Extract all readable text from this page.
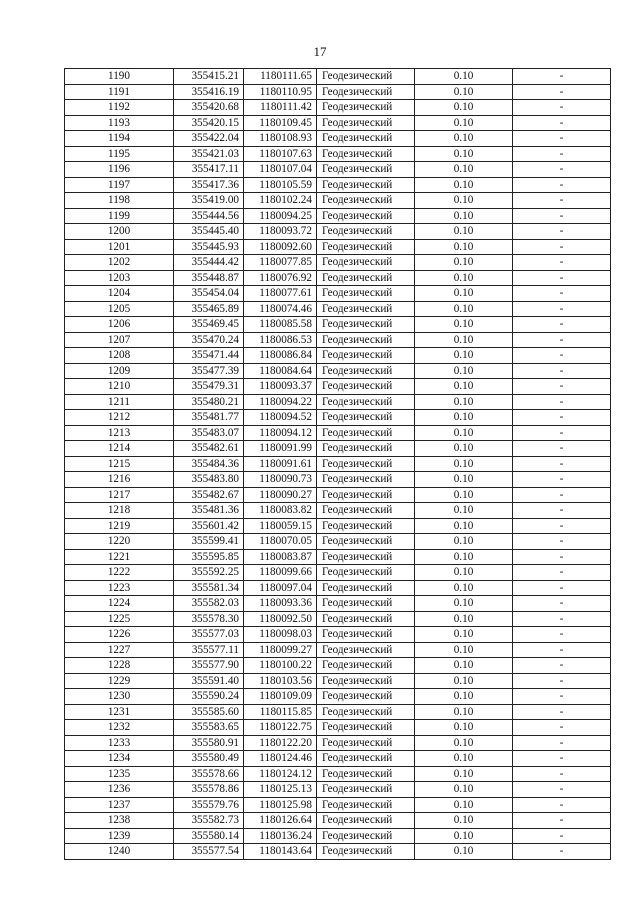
17
1190	355415.21	1180111.65	Геодезический	0.10	-
1191	355416.19	1180110.95	Геодезический	0.10	-
1192	355420.68	1180111.42	Геодезический	0.10	-
1193	355420.15	1180109.45	Геодезический	0.10	-
1194	355422.04	1180108.93	Геодезический	0.10	-
1195	355421.03	1180107.63	Геодезический	0.10	-
1196	355417.11	1180107.04	Геодезический	0.10	-
1197	355417.36	1180105.59	Геодезический	0.10	-
1198	355419.00	1180102.24	Геодезический	0.10	-
1199	355444.56	1180094.25	Геодезический	0.10	-
1200	355445.40	1180093.72	Геодезический	0.10	-
1201	355445.93	1180092.60	Геодезический	0.10	-
1202	355444.42	1180077.85	Геодезический	0.10	-
1203	355448.87	1180076.92	Геодезический	0.10	-
1204	355454.04	1180077.61	Геодезический	0.10	-
1205	355465.89	1180074.46	Геодезический	0.10	-
1206	355469.45	1180085.58	Геодезический	0.10	-
1207	355470.24	1180086.53	Геодезический	0.10	-
1208	355471.44	1180086.84	Геодезический	0.10	-
1209	355477.39	1180084.64	Геодезический	0.10	-
1210	355479.31	1180093.37	Геодезический	0.10	-
1211	355480.21	1180094.22	Геодезический	0.10	-
1212	355481.77	1180094.52	Геодезический	0.10	-
1213	355483.07	1180094.12	Геодезический	0.10	-
1214	355482.61	1180091.99	Геодезический	0.10	-
1215	355484.36	1180091.61	Геодезический	0.10	-
1216	355483.80	1180090.73	Геодезический	0.10	-
1217	355482.67	1180090.27	Геодезический	0.10	-
1218	355481.36	1180083.82	Геодезический	0.10	-
1219	355601.42	1180059.15	Геодезический	0.10	-
1220	355599.41	1180070.05	Геодезический	0.10	-
1221	355595.85	1180083.87	Геодезический	0.10	-
1222	355592.25	1180099.66	Геодезический	0.10	-
1223	355581.34	1180097.04	Геодезический	0.10	-
1224	355582.03	1180093.36	Геодезический	0.10	-
1225	355578.30	1180092.50	Геодезический	0.10	-
1226	355577.03	1180098.03	Геодезический	0.10	-
1227	355577.11	1180099.27	Геодезический	0.10	-
1228	355577.90	1180100.22	Геодезический	0.10	-
1229	355591.40	1180103.56	Геодезический	0.10	-
1230	355590.24	1180109.09	Геодезический	0.10	-
1231	355585.60	1180115.85	Геодезический	0.10	-
1232	355583.65	1180122.75	Геодезический	0.10	-
1233	355580.91	1180122.20	Геодезический	0.10	-
1234	355580.49	1180124.46	Геодезический	0.10	-
1235	355578.66	1180124.12	Геодезический	0.10	-
1236	355578.86	1180125.13	Геодезический	0.10	-
1237	355579.76	1180125.98	Геодезический	0.10	-
1238	355582.73	1180126.64	Геодезический	0.10	-
1239	355580.14	1180136.24	Геодезический	0.10	-
1240	355577.54	1180143.64	Геодезический	0.10	-
